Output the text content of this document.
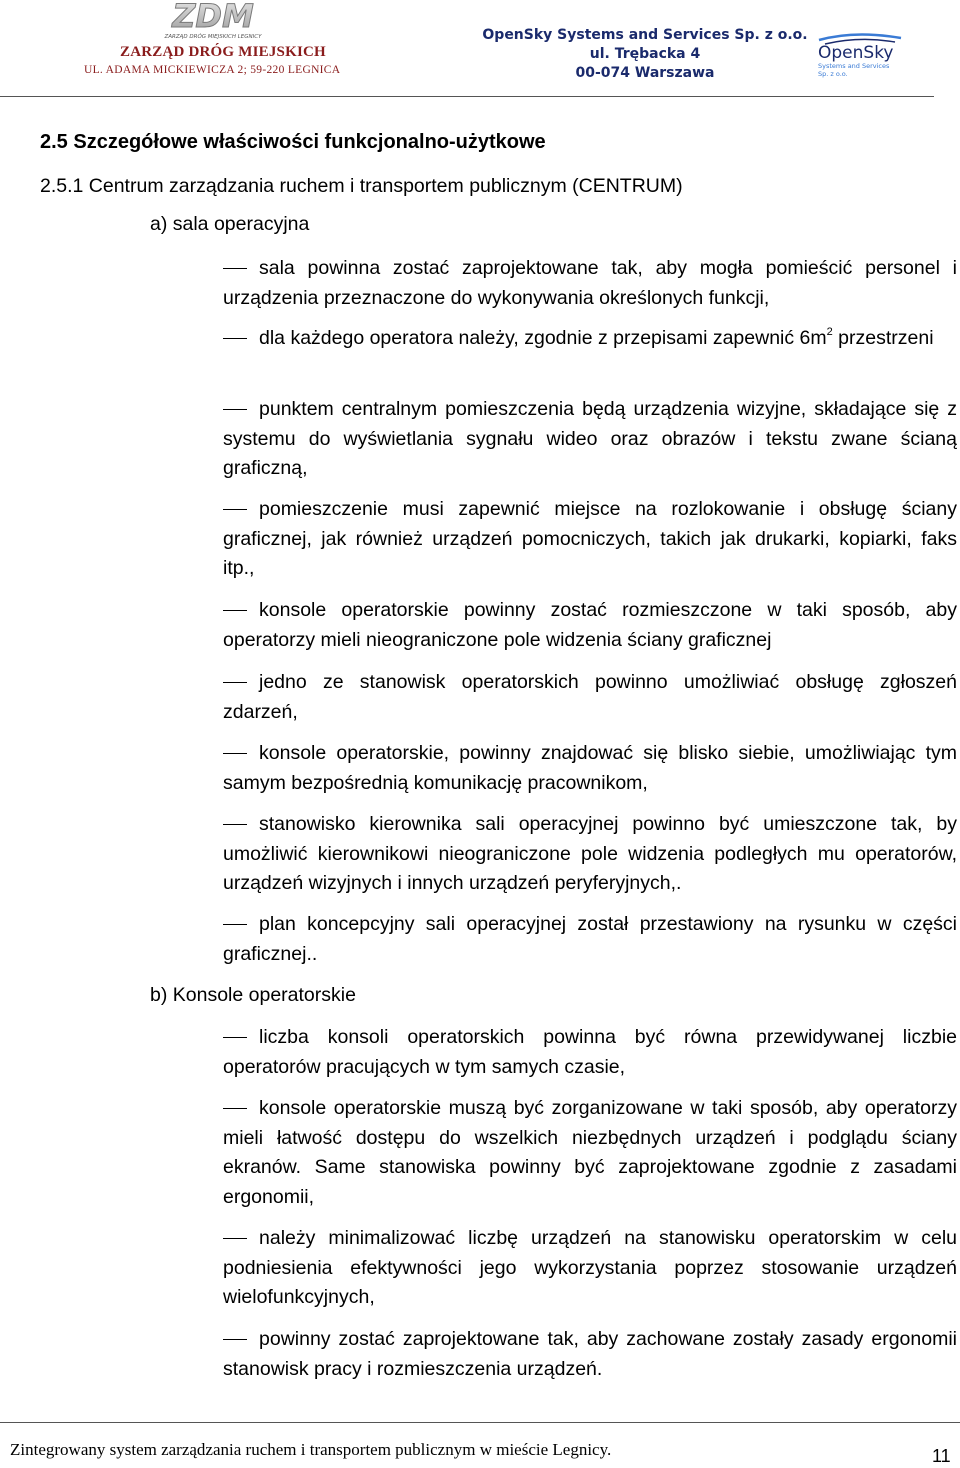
ZDM
ZARZĄD DRÓG MIEJSKICH LEGNICY
ZARZĄD DRÓG MIEJSKICH
UL. ADAMA MICKIEWICZA 2; 59-220 LEGNICA
OpenSky Systems and Services Sp. z o.o.
ul. Trębacka 4
00-074 Warszawa
OpenSky
Systems and Services
Sp. z o.o.
2.5 Szczegółowe właściwości funkcjonalno-użytkowe
2.5.1 Centrum zarządzania ruchem i transportem publicznym (CENTRUM)
a) sala operacyjna
sala powinna zostać zaprojektowane tak, aby mogła pomieścić personel i urządzenia przeznaczone do wykonywania określonych funkcji,
dla każdego operatora należy, zgodnie z przepisami zapewnić $6m^2$ przestrzeni
punktem centralnym pomieszczenia będą urządzenia wizyjne, składające się z systemu do wyświetlania sygnału wideo oraz obrazów i tekstu zwane ścianą graficzną,
pomieszczenie musi zapewnić miejsce na rozlokowanie i obsługę ściany graficznej, jak również urządzeń pomocniczych, takich jak drukarki, kopiarki, faks itp.,
konsole operatorskie powinny zostać rozmieszczone w taki sposób, aby operatorzy mieli nieograniczone pole widzenia ściany graficznej
jedno ze stanowisk operatorskich powinno umożliwiać obsługę zgłoszeń zdarzeń,
konsole operatorskie, powinny znajdować się blisko siebie, umożliwiając tym samym bezpośrednią komunikację pracownikom,
stanowisko kierownika sali operacyjnej powinno być umieszczone tak, by umożliwić kierownikowi nieograniczone pole widzenia podległych mu operatorów, urządzeń wizyjnych i innych urządzeń peryferyjnych,.
plan koncepcyjny sali operacyjnej został przestawiony na rysunku w części graficznej..
b) Konsole operatorskie
liczba konsoli operatorskich powinna być równa przewidywanej liczbie operatorów pracujących w tym samych czasie,
konsole operatorskie muszą być zorganizowane w taki sposób, aby operatorzy mieli łatwość dostępu do wszelkich niezbędnych urządzeń i podglądu ściany ekranów. Same stanowiska powinny być zaprojektowane zgodnie z zasadami ergonomii,
należy minimalizować liczbę urządzeń na stanowisku operatorskim w celu podniesienia efektywności jego wykorzystania poprzez stosowanie urządzeń wielofunkcyjnych,
powinny zostać zaprojektowane tak, aby zachowane zostały zasady ergonomii stanowisk pracy i rozmieszczenia urządzeń.
Zintegrowany system zarządzania ruchem i transportem publicznym w mieście Legnicy.	11
